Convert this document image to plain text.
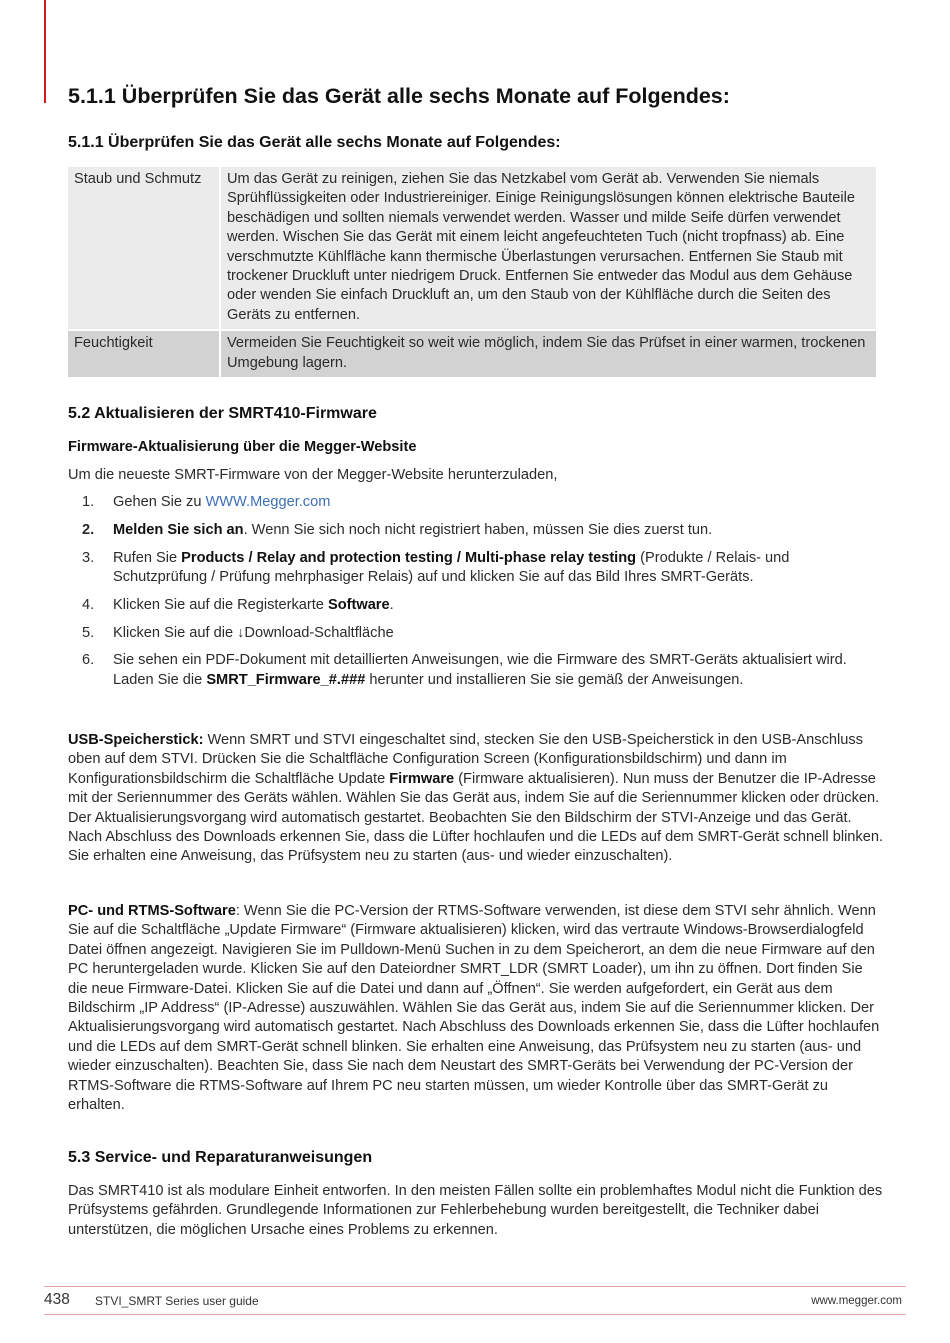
5.1.1 Überprüfen Sie das Gerät alle sechs Monate auf Folgendes:
5.1.1 Überprüfen Sie das Gerät alle sechs Monate auf Folgendes:
Staub und Schmutz	Um das Gerät zu reinigen, ziehen Sie das Netzkabel vom Gerät ab. Verwenden Sie niemals Sprühflüssigkeiten oder Industriereiniger. Einige Reinigungslösungen können elektrische Bauteile beschädigen und sollten niemals verwendet werden. Wasser und milde Seife dürfen verwendet werden. Wischen Sie das Gerät mit einem leicht angefeuchteten Tuch (nicht tropfnass) ab. Eine verschmutzte Kühlfläche kann thermische Überlastungen verursachen. Entfernen Sie Staub mit trockener Druckluft unter niedrigem Druck. Entfernen Sie entweder das Modul aus dem Gehäuse oder wenden Sie einfach Druckluft an, um den Staub von der Kühlfläche durch die Seiten des Geräts zu entfernen.
Feuchtigkeit	Vermeiden Sie Feuchtigkeit so weit wie möglich, indem Sie das Prüfset in einer warmen, trockenen Umgebung lagern.
5.2 Aktualisieren der SMRT410-Firmware
Firmware-Aktualisierung über die Megger-Website

Um die neueste SMRT-Firmware von der Megger-Website herunterzuladen,

1. Gehen Sie zu WWW.Megger.com
2. Melden Sie sich an. Wenn Sie sich noch nicht registriert haben, müssen Sie dies zuerst tun.
3. Rufen Sie Products / Relay and protection testing / Multi-phase relay testing (Produkte / Relais- und Schutzprüfung / Prüfung mehrphasiger Relais) auf und klicken Sie auf das Bild Ihres SMRT-Geräts.
4. Klicken Sie auf die Registerkarte Software.
5. Klicken Sie auf die ↓Download-Schaltfläche
6. Sie sehen ein PDF-Dokument mit detaillierten Anweisungen, wie die Firmware des SMRT-Geräts aktualisiert wird. Laden Sie die SMRT_Firmware_#.### herunter und installieren Sie sie gemäß der Anweisungen.

USB-Speicherstick: Wenn SMRT und STVI eingeschaltet sind, stecken Sie den USB-Speicherstick in den USB-Anschluss oben auf dem STVI. Drücken Sie die Schaltfläche Configuration Screen (Konfigurationsbildschirm) und dann im Konfigurationsbildschirm die Schaltfläche Update Firmware (Firmware aktualisieren). Nun muss der Benutzer die IP-Adresse mit der Seriennummer des Geräts wählen. Wählen Sie das Gerät aus, indem Sie auf die Seriennummer klicken oder drücken. Der Aktualisierungsvorgang wird automatisch gestartet. Beobachten Sie den Bildschirm der STVI-Anzeige und das Gerät. Nach Abschluss des Downloads erkennen Sie, dass die Lüfter hochlaufen und die LEDs auf dem SMRT-Gerät schnell blinken. Sie erhalten eine Anweisung, das Prüfsystem neu zu starten (aus- und wieder einzuschalten).

PC- und RTMS-Software: Wenn Sie die PC-Version der RTMS-Software verwenden, ist diese dem STVI sehr ähnlich. Wenn Sie auf die Schaltfläche „Update Firmware“ (Firmware aktualisieren) klicken, wird das vertraute Windows-Browserdialogfeld Datei öffnen angezeigt. Navigieren Sie im Pulldown-Menü Suchen in zu dem Speicherort, an dem die neue Firmware auf den PC heruntergeladen wurde. Klicken Sie auf den Dateiordner SMRT_LDR (SMRT Loader), um ihn zu öffnen. Dort finden Sie die neue Firmware-Datei. Klicken Sie auf die Datei und dann auf „Öffnen“. Sie werden aufgefordert, ein Gerät aus dem Bildschirm „IP Address“ (IP-Adresse) auszuwählen. Wählen Sie das Gerät aus, indem Sie auf die Seriennummer klicken. Der Aktualisierungsvorgang wird automatisch gestartet. Nach Abschluss des Downloads erkennen Sie, dass die Lüfter hochlaufen und die LEDs auf dem SMRT-Gerät schnell blinken. Sie erhalten eine Anweisung, das Prüfsystem neu zu starten (aus- und wieder einzuschalten). Beachten Sie, dass Sie nach dem Neustart des SMRT-Geräts bei Verwendung der PC-Version der RTMS-Software die RTMS-Software auf Ihrem PC neu starten müssen, um wieder Kontrolle über das SMRT-Gerät zu erhalten.

5.3 Service- und Reparaturanweisungen

Das SMRT410 ist als modulare Einheit entworfen. In den meisten Fällen sollte ein problemhaftes Modul nicht die Funktion des Prüfsystems gefährden. Grundlegende Informationen zur Fehlerbehebung wurden bereitgestellt, die Techniker dabei unterstützen, die möglichen Ursache eines Problems zu erkennen.

438 STVI_SMRT Series user guide	www.megger.com
